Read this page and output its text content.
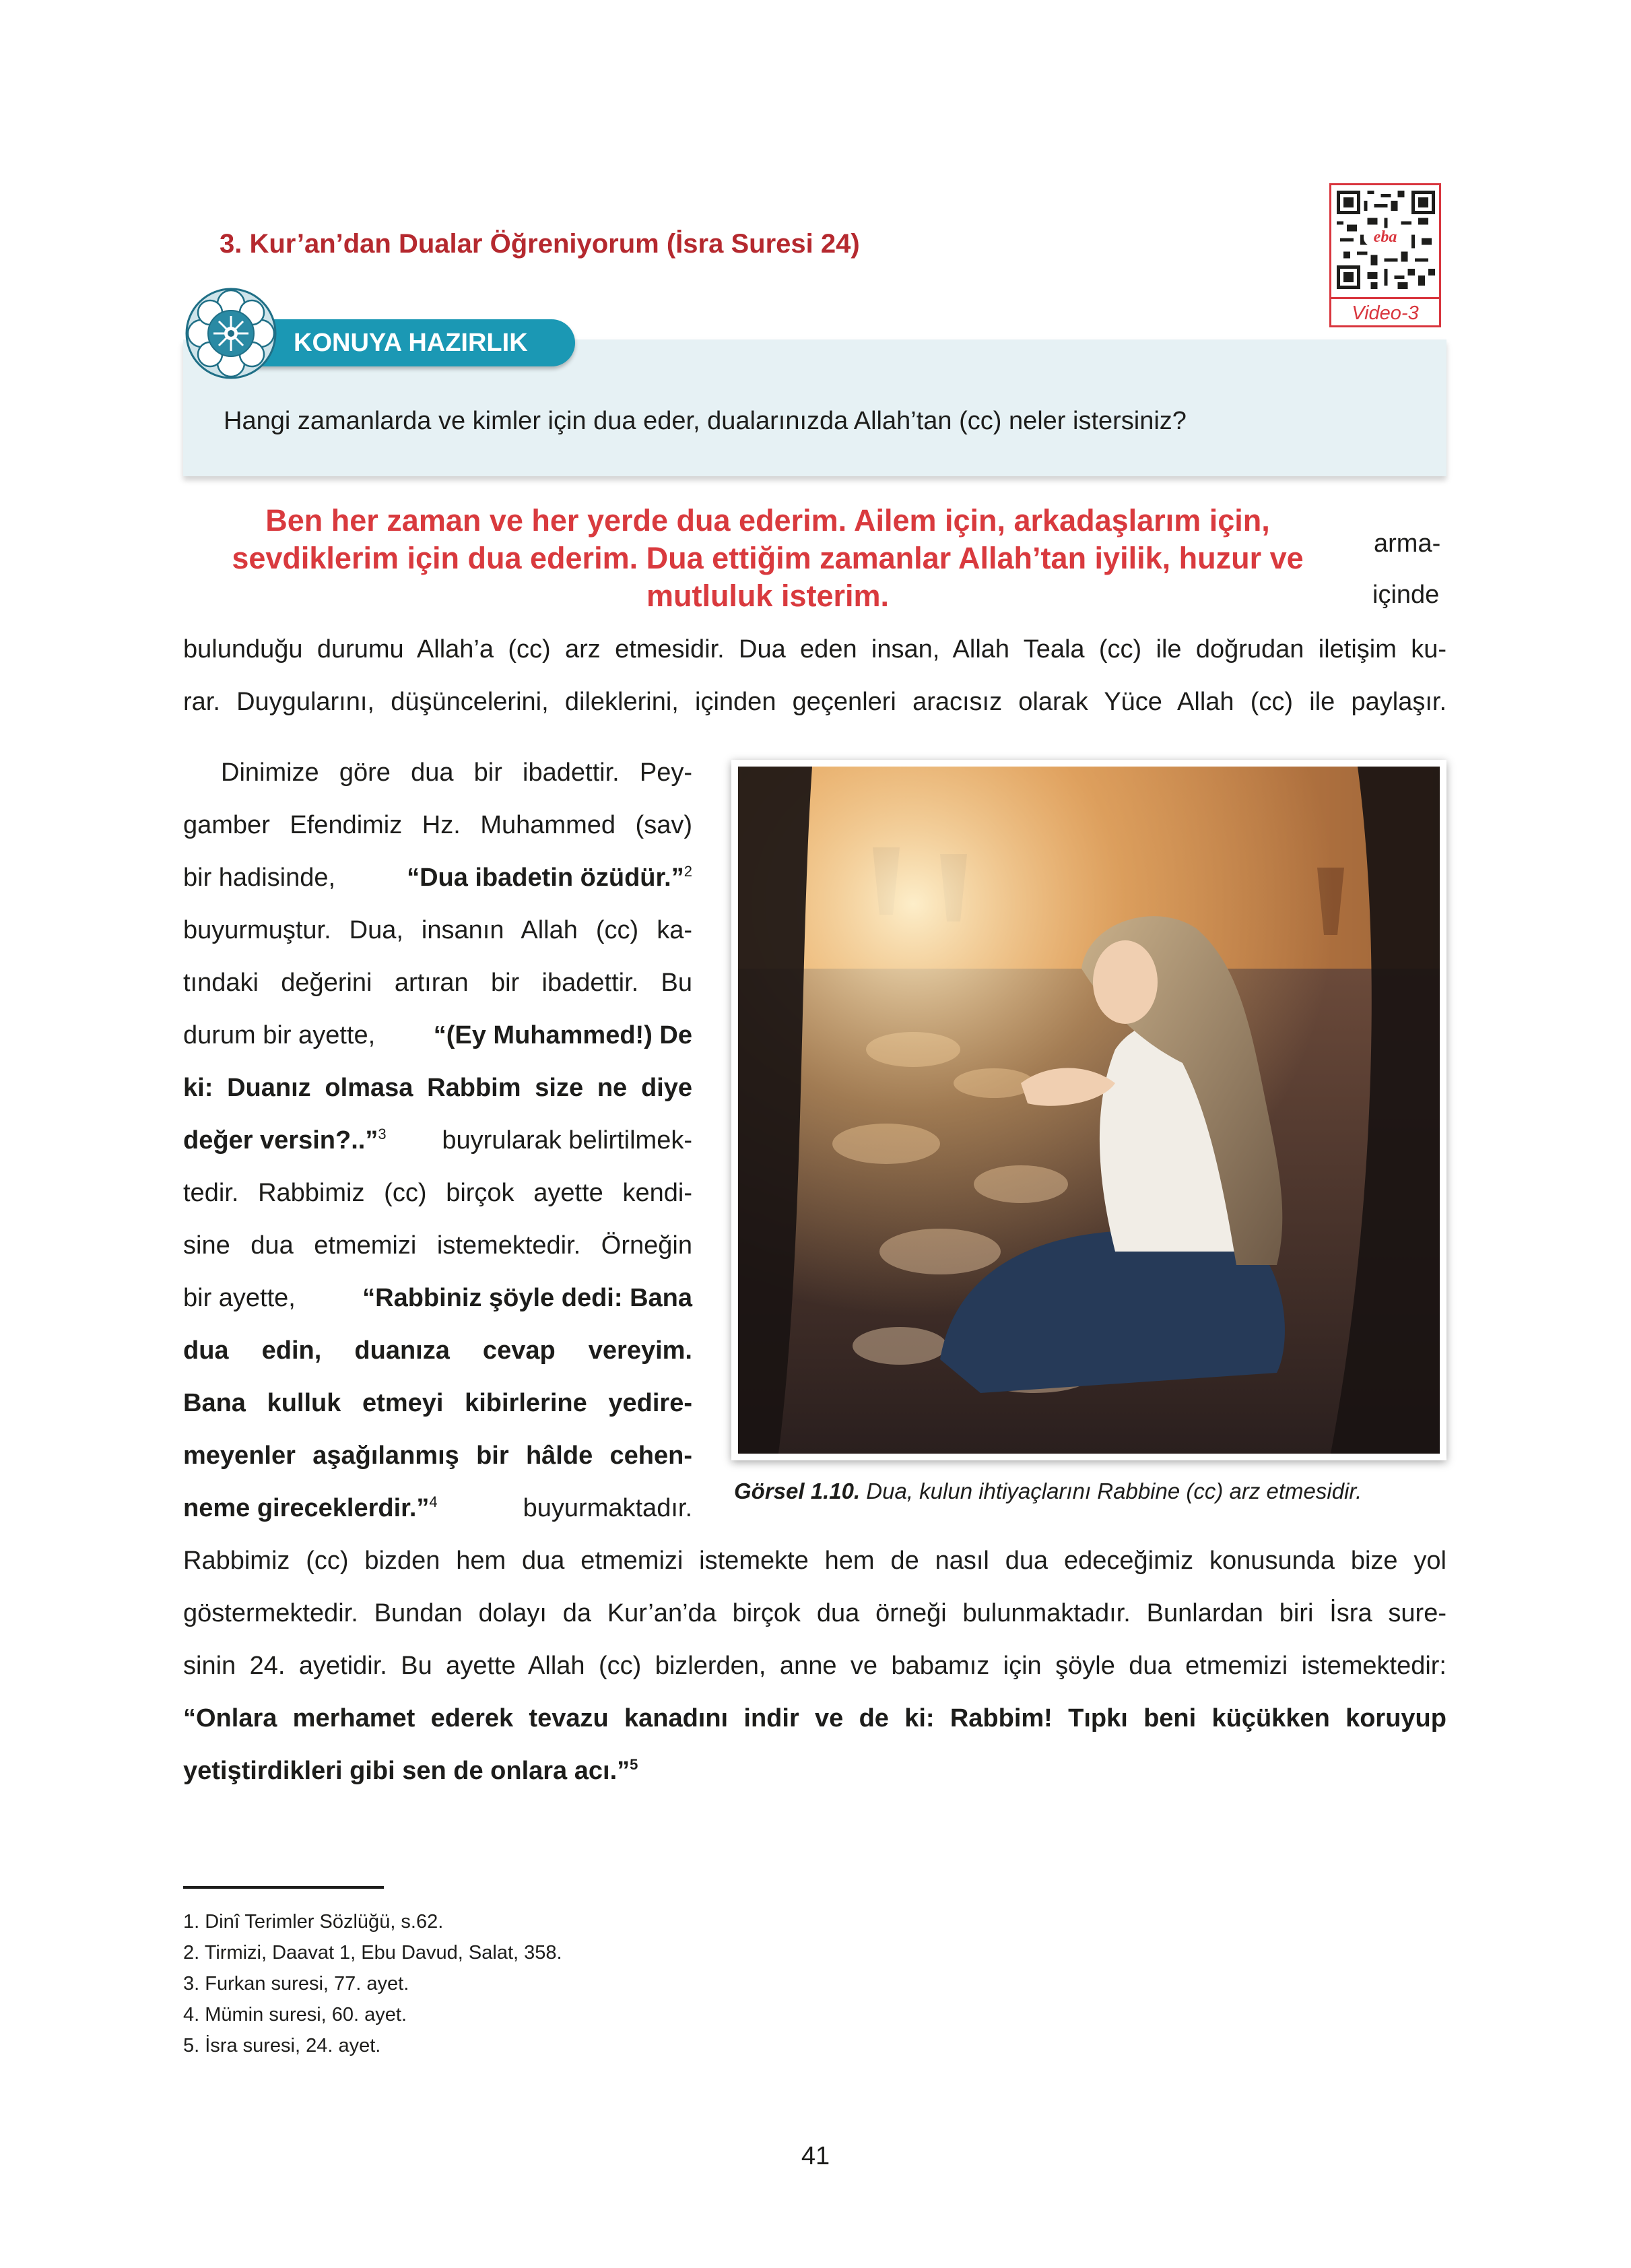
3. Kur’an’dan Dualar Öğreniyorum (İsra Suresi 24)	eba
Video-3
Hangi zamanlarda ve kimler için dua eder, dualarınızda Allah’tan (cc) neler istersiniz?
KONUYA HAZIRLIK
Ben her zaman ve her yerde dua ederim. Ailem için, arkadaşlarım için,
sevdiklerim için dua ederim. Dua ettiğim zamanlar Allah’tan iyilik, huzur ve
mutluluk isterim.
arma-
içinde
bulunduğu durumu Allah’a (cc) arz etmesidir. Dua eden insan, Allah Teala (cc) ile doğrudan iletişim ku-
rar. Duygularını, düşüncelerini, dileklerini, içinden geçenleri aracısız olarak Yüce Allah (cc) ile paylaşır.
Dinimize göre dua bir ibadettir. Pey-
gamber Efendimiz Hz. Muhammed (sav)
bir hadisinde,	“Dua ibadetin özüdür.”$^2$
buyurmuştur. Dua, insanın Allah (cc) ka-
tındaki değerini artıran bir ibadettir. Bu
durum bir ayette, “(Ey Muhammed!) De
ki: Duanız olmasa Rabbim size ne diye
değer versin?..”$^3$ buyrularak belirtilmek-
tedir. Rabbimiz (cc) birçok ayette kendi-
sine dua etmemizi istemektedir. Örneğin
bir ayette,	“Rabbiniz şöyle dedi: Bana
dua edin, duanıza cevap vereyim.
Bana kulluk etmeyi kibirlerine yedire-
meyenler aşağılanmış bir hâlde cehen-
neme gireceklerdir.”$^4$	buyurmaktadır.
Görsel 1.10. Dua, kulun ihtiyaçlarını Rabbine (cc) arz etmesidir.
Rabbimiz (cc) bizden hem dua etmemizi istemekte hem de nasıl dua edeceğimiz konusunda bize yol
göstermektedir. Bundan dolayı da Kur’an’da birçok dua örneği bulunmaktadır. Bunlardan biri İsra sure-
sinin 24. ayetidir. Bu ayette Allah (cc) bizlerden, anne ve babamız için şöyle dua etmemizi istemektedir:
“Onlara merhamet ederek tevazu kanadını indir ve de ki: Rabbim! Tıpkı beni küçükken koruyup
yetiştirdikleri gibi sen de onlara acı.”$^5$
1. Dinî Terimler Sözlüğü, s.62.
2. Tirmizi, Daavat 1, Ebu Davud, Salat, 358.
3. Furkan suresi, 77. ayet.
4. Mümin suresi, 60. ayet.
5. İsra suresi, 24. ayet.
41
